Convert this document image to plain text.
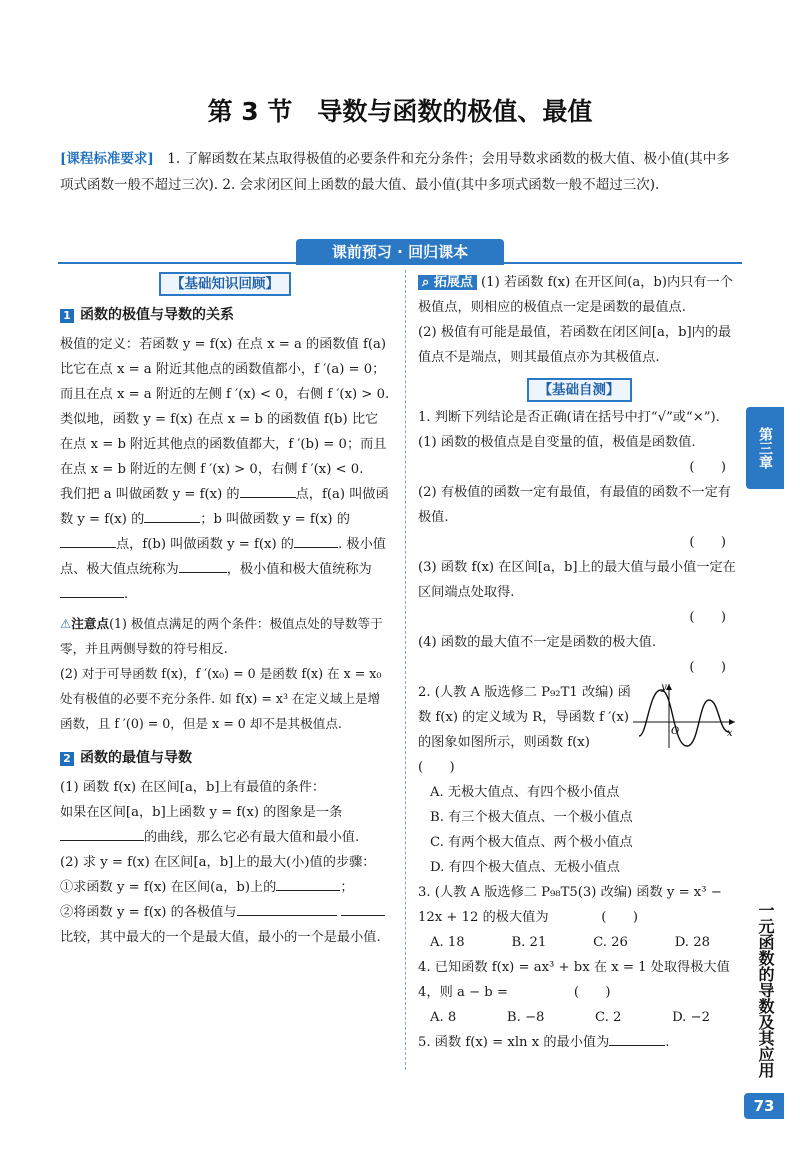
第 3 节　导数与函数的极值、最值
[课程标准要求]　1. 了解函数在某点取得极值的必要条件和充分条件；会用导数求函数的极大值、极小值(其中多项式函数一般不超过三次). 2. 会求闭区间上函数的最大值、最小值(其中多项式函数一般不超过三次).
课前预习 · 回归课本
【基础知识回顾】
1 函数的极值与导数的关系
极值的定义：若函数 y = f(x) 在点 x = a 的函数值 f(a) 比它在点 x = a 附近其他点的函数值都小，f ′(a) = 0；而且在点 x = a 附近的左侧 f ′(x) < 0，右侧 f ′(x) > 0. 类似地，函数 y = f(x) 在点 x = b 的函数值 f(b) 比它在点 x = b 附近其他点的函数值都大，f ′(b) = 0；而且在点 x = b 附近的左侧 f ′(x) > 0，右侧 f ′(x) < 0.
我们把 a 叫做函数 y = f(x) 的	点，f(a) 叫做函数 y = f(x) 的	；b 叫做函数 y = f(x) 的点，f(b) 叫做函数 y = f(x) 的	. 极小值点、极大值点统称为	，极小值和极大值统称为.
⚠注意点(1) 极值点满足的两个条件：极值点处的导数等于零，并且两侧导数的符号相反.
(2) 对于可导函数 f(x)，f ′(x₀) = 0 是函数 f(x) 在 x = x₀ 处有极值的必要不充分条件. 如 f(x) = x³ 在定义域上是增函数，且 f ′(0) = 0，但是 x = 0 却不是其极值点.
2 函数的最值与导数
(1) 函数 f(x) 在区间[a，b]上有最值的条件：
如果在区间[a，b]上函数 y = f(x) 的图象是一条的曲线，那么它必有最大值和最小值.
(2) 求 y = f(x) 在区间[a，b]上的最大(小)值的步骤：
①求函数 y = f(x) 在区间(a，b)上的	；
②将函数 y = f(x) 的各极值与 比较，其中最大的一个是最大值，最小的一个是最小值.
⌕ 拓展点 (1) 若函数 f(x) 在开区间(a，b)内只有一个极值点，则相应的极值点一定是函数的最值点.
(2) 极值有可能是最值，若函数在闭区间[a，b]内的最值点不是端点，则其最值点亦为其极值点.
【基础自测】
1. 判断下列结论是否正确(请在括号中打“√”或“×”).
(1) 函数的极值点是自变量的值，极值是函数值.
(　　)
(2) 有极值的函数一定有最值，有最值的函数不一定有极值.
(　　)
(3) 函数 f(x) 在区间[a，b]上的最大值与最小值一定在区间端点处取得.
(　　)
(4) 函数的最大值不一定是函数的极大值.
(　　)
2. (人教 A 版选修二 P₉₂T1 改编) 函数 f(x) 的定义域为 R，导函数 f ′(x) 的图象如图所示，则函数 f(x)　　(　　)
y
O	x
A. 无极大值点、有四个极小值点
B. 有三个极大值点、一个极小值点
C. 有两个极大值点、两个极小值点
D. 有四个极大值点、无极小值点
3. (人教 A 版选修二 P₉₈T5(3) 改编) 函数 y = x³ − 12x + 12 的极大值为　　　　(　　)
A. 18	B. 21	C. 26	D. 28
4. 已知函数 f(x) = ax³ + bx 在 x = 1 处取得极大值 4，则 a − b =　　　　　(　　)
A. 8	B. −8	C. 2	D. −2
5. 函数 f(x) = xln x 的最小值为	.
第三章
一元函数的导数及其应用
73
